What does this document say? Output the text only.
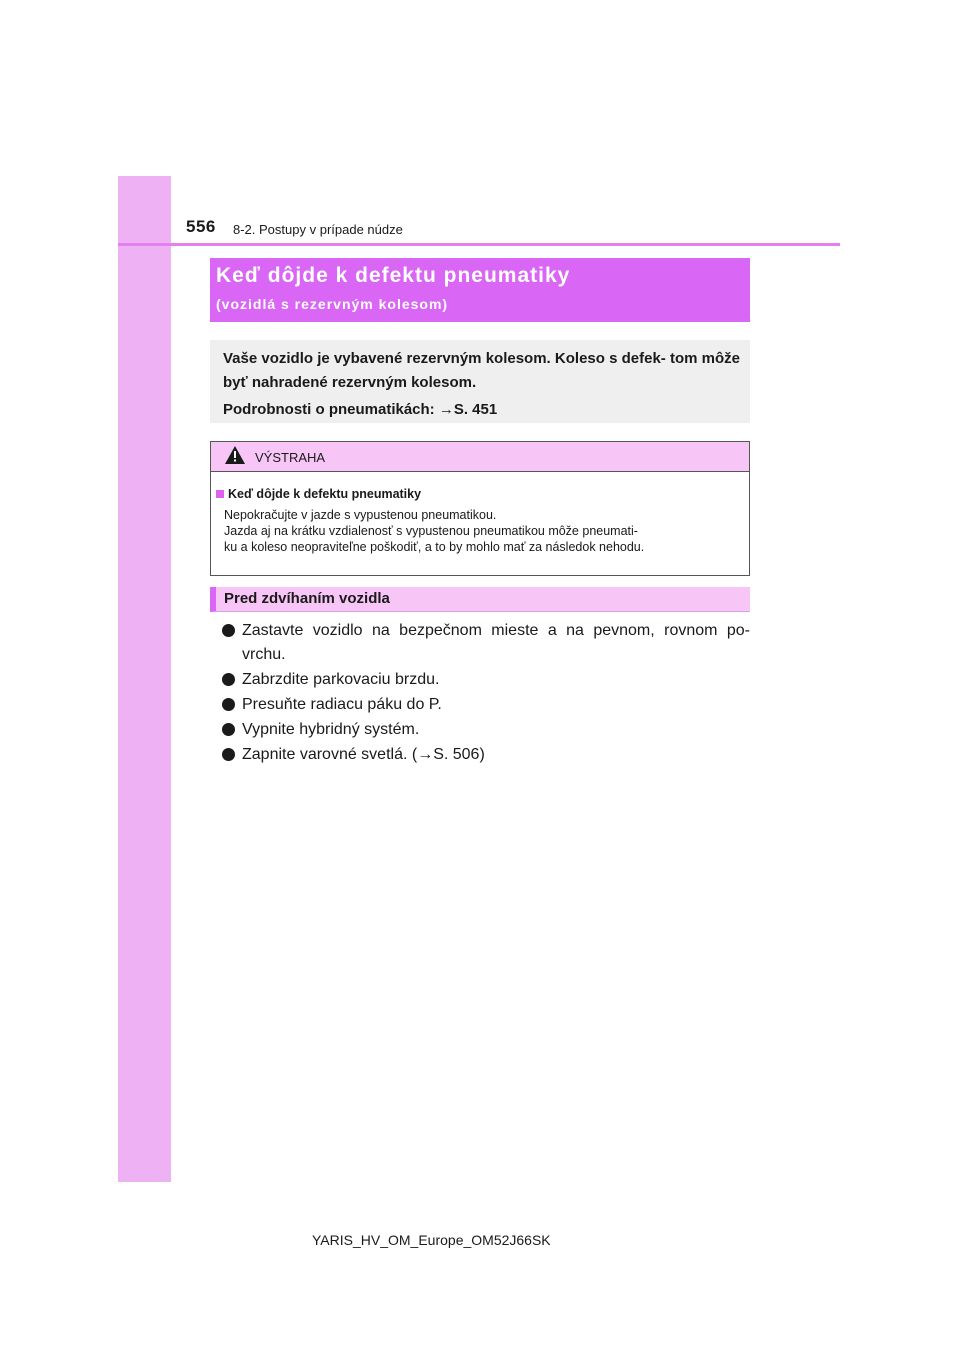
556 8-2. Postupy v prípade núdze
Keď dôjde k defektu pneumatiky
(vozidlá s rezervným kolesom)

Vaše vozidlo je vybavené rezervným kolesom. Koleso s defek- tom môže byť nahradené rezervným kolesom.

Podrobnosti o pneumatikách: →S. 451

VÝSTRAHA
Keď dôjde k defektu pneumatiky
Nepokračujte v jazde s vypustenou pneumatikou.
Jazda aj na krátku vzdialenosť s vypustenou pneumatikou môže pneumati-
ku a koleso neopraviteľne poškodiť, a to by mohlo mať za následok nehodu.
Pred zdvíhaním vozidla
Zastavte vozidlo na bezpečnom mieste a na pevnom, rovnom po- vrchu.
Zabrzdite parkovaciu brzdu.
Presuňte radiacu páku do P.
Vypnite hybridný systém.
Zapnite varovné svetlá. (→S. 506)
YARIS_HV_OM_Europe_OM52J66SK
